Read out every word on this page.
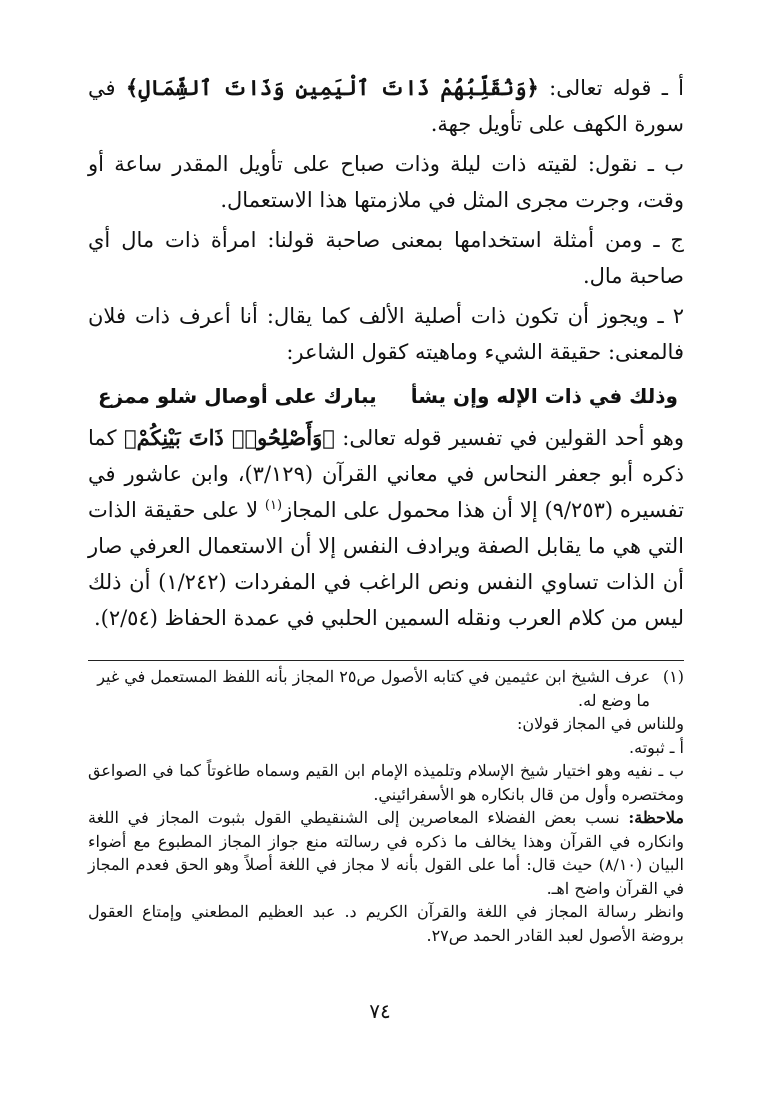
أ ـ قوله تعالى: ﴿وَنُقَلِّبُهُمْ ذَاتَ ٱلْيَمِينِ وَذَاتَ ٱلشِّمَالِ﴾ في سورة الكهف على تأويل جهة.

ب ـ نقول: لقيته ذات ليلة وذات صباح على تأويل المقدر ساعة أو وقت، وجرت مجرى المثل في ملازمتها هذا الاستعمال.

ج ـ ومن أمثلة استخدامها بمعنى صاحبة قولنا: امرأة ذات مال أي صاحبة مال.

٢ ـ ويجوز أن تكون ذات أصلية الألف كما يقال: أنا أعرف ذات فلان فالمعنى: حقيقة الشيء وماهيته كقول الشاعر:

وذلك في ذات الإله وإن يشأ
يبارك على أوصال شلو ممزع

وهو أحد القولين في تفسير قوله تعالى: ﴿وَأَصْلِحُوا۟ ذَاتَ بَيْنِكُمْ﴾ كما ذكره أبو جعفر النحاس في معاني القرآن (٣/١٢٩)، وابن عاشور في تفسيره (٩/٢٥٣) إلا أن هذا محمول على المجاز$^{(١)}$ لا على حقيقة الذات التي هي ما يقابل الصفة ويرادف النفس إلا أن الاستعمال العرفي صار أن الذات تساوي النفس ونص الراغب في المفردات (١/٢٤٢) أن ذلك ليس من كلام العرب ونقله السمين الحلبي في عمدة الحفاظ (٢/٥٤).

(١)
عرف الشيخ ابن عثيمين في كتابه الأصول ص٢٥ المجاز بأنه اللفظ المستعمل في غير ما وضع له.

وللناس في المجاز قولان:

أ ـ ثبوته.

ب ـ نفيه وهو اختيار شيخ الإسلام وتلميذه الإمام ابن القيم وسماه طاغوتاً كما في الصواعق ومختصره وأول من قال بانكاره هو الأسفرائيني.

ملاحظة: نسب بعض الفضلاء المعاصرين إلى الشنقيطي القول بثبوت المجاز في اللغة وانكاره في القرآن وهذا يخالف ما ذكره في رسالته منع جواز المجاز المطبوع مع أضواء البيان (٨/١٠) حيث قال: أما على القول بأنه لا مجاز في اللغة أصلاً وهو الحق فعدم المجاز في القرآن واضح اهـ.

وانظر رسالة المجاز في اللغة والقرآن الكريم د. عبد العظيم المطعني وإمتاع العقول بروضة الأصول لعبد القادر الحمد ص٢٧.

٧٤
